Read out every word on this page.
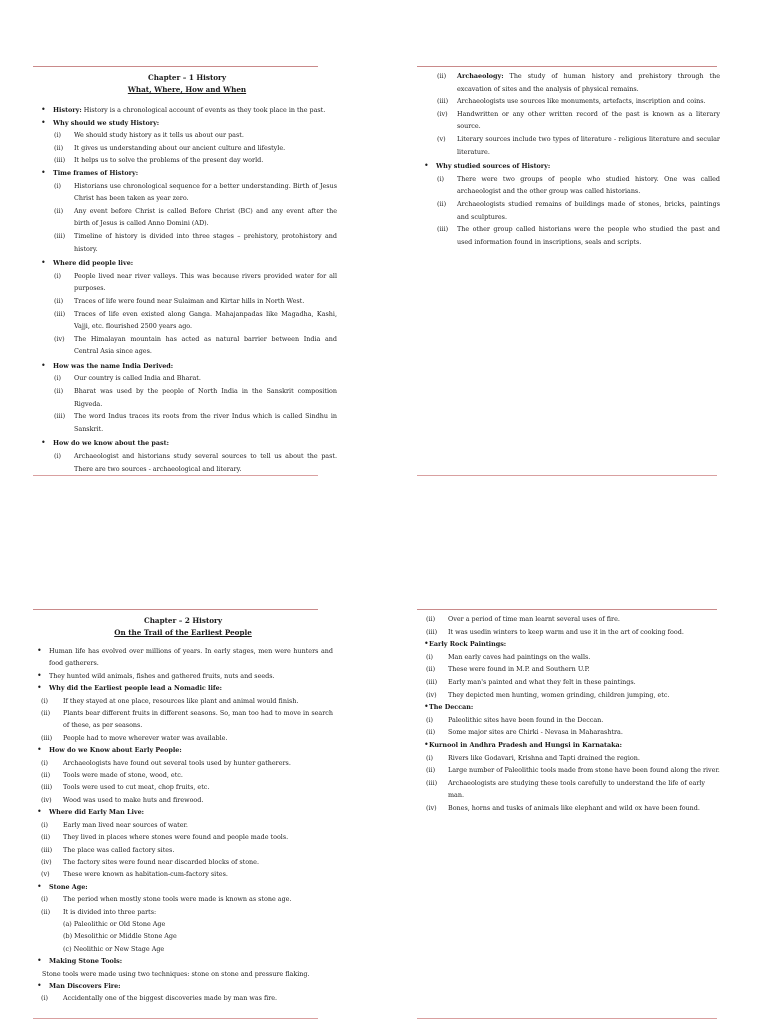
Chapter – 1 History
What, Where, How and When
• History: History is a chronological account of events as they took place in the past.
• Why should we study History:
(i) We should study history as it tells us about our past.
(ii) It gives us understanding about our ancient culture and lifestyle.
(iii) It helps us to solve the problems of the present day world.
• Time frames of History:
(i) Historians use chronological sequence for a better understanding. Birth of Jesus Christ has been taken as year zero.
(ii) Any event before Christ is called Before Christ (BC) and any event after the birth of Jesus is called Anno Domini (AD).
(iii) Timeline of history is divided into three stages – prehistory, protohistory and history.
• Where did people live:
(i) People lived near river valleys. This was because rivers provided water for all purposes.
(ii) Traces of life were found near Sulaiman and Kirtar hills in North West.
(iii) Traces of life even existed along Ganga. Mahajanpadas like Magadha, Kashi, Vajji, etc. flourished 2500 years ago.
(iv) The Himalayan mountain has acted as natural barrier between India and Central Asia since ages.
• How was the name India Derived:
(i) Our country is called India and Bharat.
(ii) Bharat was used by the people of North India in the Sanskrit composition Rigveda.
(iii) The word Indus traces its roots from the river Indus which is called Sindhu in Sanskrit.
• How do we know about the past:
(i) Archaeologist and historians study several sources to tell us about the past. There are two sources - archaeological and literary.
(ii) Archaeology: The study of human history and prehistory through the excavation of sites and the analysis of physical remains.
(iii) Archaeologists use sources like monuments, artefacts, inscription and coins.
(iv) Handwritten or any other written record of the past is known as a literary source.
(v) Literary sources include two types of literature - religious literature and secular literature.
• Why studied sources of History:
(i) There were two groups of people who studied history. One was called archaeologist and the other group was called historians.
(ii) Archaeologists studied remains of buildings made of stones, bricks, paintings and sculptures.
(iii) The other group called historians were the people who studied the past and used information found in inscriptions, seals and scripts.
Chapter – 2 History
On the Trail of the Earliest People
• Human life has evolved over millions of years. In early stages, men were hunters and food gatherers.
• They hunted wild animals, fishes and gathered fruits, nuts and seeds.
• Why did the Earliest people lead a Nomadic life:
(i) If they stayed at one place, resources like plant and animal would finish.
(ii) Plants bear different fruits in different seasons. So, man too had to move in search of these, as per seasons.
(iii) People had to move wherever water was available.
• How do we Know about Early People:
(i) Archaeologists have found out several tools used by hunter gatherers.
(ii) Tools were made of stone, wood, etc.
(iii) Tools were used to cut meat, chop fruits, etc.
(iv) Wood was used to make huts and firewood.
• Where did Early Man Live:
(i) Early man lived near sources of water.
(ii) They lived in places where stones were found and people made tools.
(iii) The place was called factory sites.
(iv) The factory sites were found near discarded blocks of stone.
(v) These were known as habitation-cum-factory sites.
• Stone Age:
(i) The period when mostly stone tools were made is known as stone age.
(ii) It is divided into three parts:
(a) Paleolithic or Old Stone Age
(b) Mesolithic or Middle Stone Age
(c) Neolithic or New Stage Age
• Making Stone Tools:
Stone tools were made using two techniques: stone on stone and pressure flaking.
• Man Discovers Fire:
(i) Accidentally one of the biggest discoveries made by man was fire.
(ii) Over a period of time man learnt several uses of fire.
(iii) It was usedin winters to keep warm and use it in the art of cooking food.
• Early Rock Paintings:
(i) Man early caves had paintings on the walls.
(ii) These were found in M.P. and Southern U.P.
(iii) Early man's painted and what they felt in these paintings.
(iv) They depicted men hunting, women grinding, children jumping, etc.
• The Deccan:
(i) Paleolithic sites have been found in the Deccan.
(ii) Some major sites are Chirki - Nevasa in Maharashtra.
• Kurnool in Andhra Pradesh and Hungsi in Karnataka:
(i) Rivers like Godavari, Krishna and Tapti drained the region.
(ii) Large number of Paleolithic tools made from stone have been found along the river.
(iii) Archaeologists are studying these tools carefully to understand the life of early man.
(iv) Bones, horns and tusks of animals like elephant and wild ox have been found.
